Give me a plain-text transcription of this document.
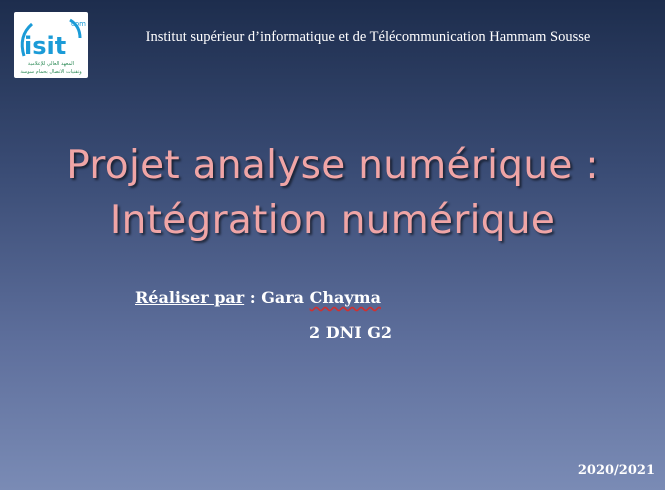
isit
com
المعهد العالي للإعلامية
وتقنيات الاتصال بحمام سوسة
Institut supérieur d’informatique et de Télécommunication Hammam Sousse
Projet analyse numérique :
Intégration numérique
Réaliser par : Gara Chayma
2 DNI G2
2020/2021
